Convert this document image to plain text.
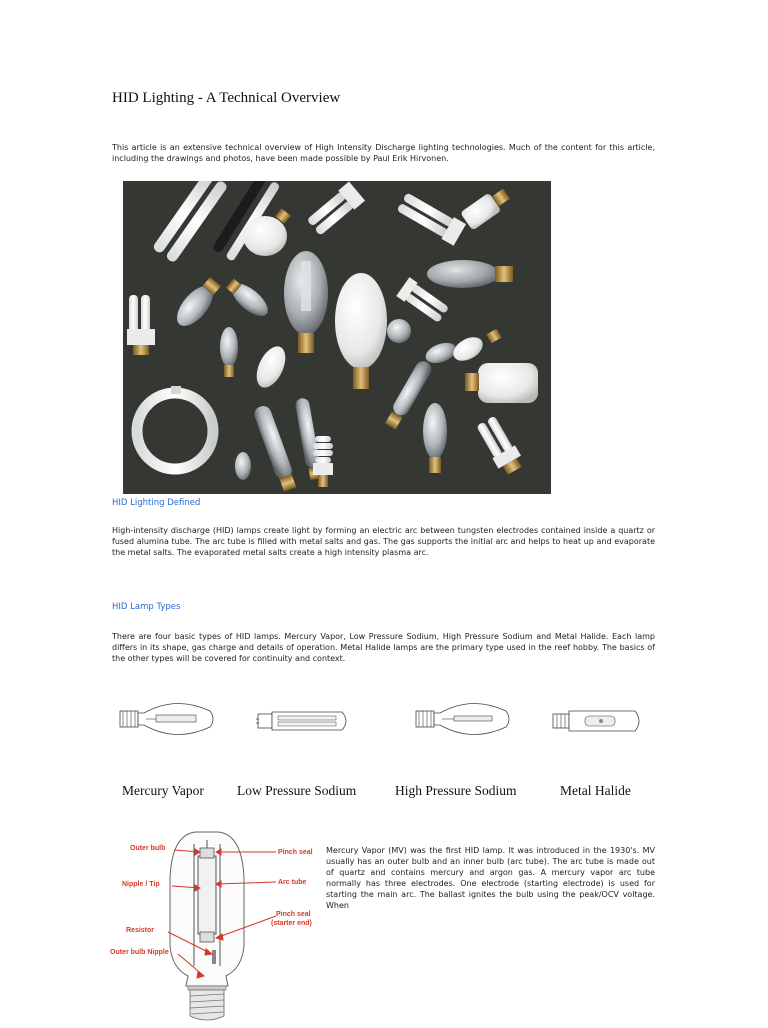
HID Lighting - A Technical Overview
This article is an extensive technical overview of High Intensity Discharge lighting technologies. Much of the content for this article, including the drawings and photos, have been made possible by Paul Erik Hirvonen.
HID Lighting Defined
High-intensity discharge (HID) lamps create light by forming an electric arc between tungsten electrodes contained inside a quartz or fused alumina tube. The arc tube is filled with metal salts and gas. The gas supports the initial arc and helps to heat up and evaporate the metal salts. The evaporated metal salts create a high intensity plasma arc.
HID Lamp Types
There are four basic types of HID lamps. Mercury Vapor, Low Pressure Sodium, High Pressure Sodium and Metal Halide. Each lamp differs in its shape, gas charge and details of operation. Metal Halide lamps are the primary type used in the reef hobby. The basics of the other types will be covered for continuity and context.
Mercury Vapor Low Pressure Sodium	High Pressure Sodium	Metal Halide
Outer bulb
Nipple / Tip
Resistor
Outer bulb Nipple
Pinch seal
Arc tube
Pinch seal
(starter end)
Mercury Vapor (MV) was the first HID lamp. It was introduced in the 1930's. MV usually has an outer bulb and an inner bulb (arc tube). The arc tube is made out of quartz and contains mercury and argon gas. A mercury vapor arc tube normally has three electrodes. One electrode (starting electrode) is used for starting the main arc. The ballast ignites the bulb using the peak/OCV voltage. When
